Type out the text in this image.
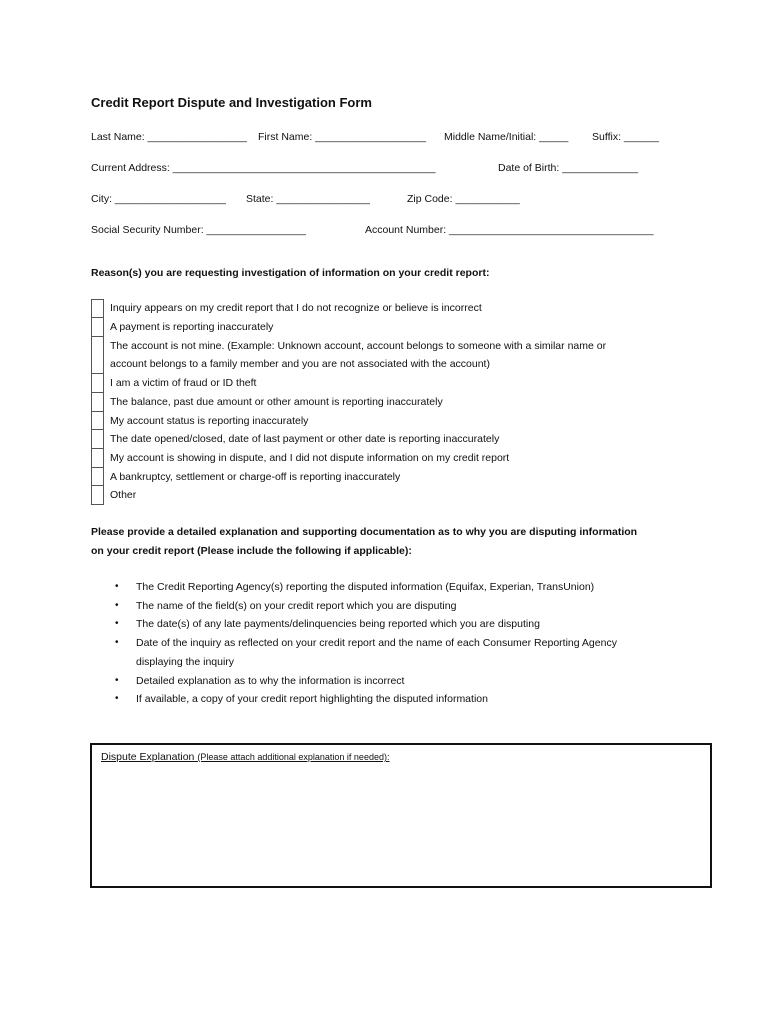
Credit Report Dispute and Investigation Form
Last Name: _________________ First Name: ___________________ Middle Name/Initial: _____ Suffix: ______
Current Address: _____________________________________________	Date of Birth: _____________
City: ___________________ State: ________________	Zip Code: ___________
Social Security Number: _________________	Account Number: ___________________________________
Reason(s) you are requesting investigation of information on your credit report:
Inquiry appears on my credit report that I do not recognize or believe is incorrect
A payment is reporting inaccurately
The account is not mine. (Example: Unknown account, account belongs to someone with a similar name or
account belongs to a family member and you are not associated with the account)
I am a victim of fraud or ID theft
The balance, past due amount or other amount is reporting inaccurately
My account status is reporting inaccurately
The date opened/closed, date of last payment or other date is reporting inaccurately
My account is showing in dispute, and I did not dispute information on my credit report
A bankruptcy, settlement or charge-off is reporting inaccurately
Other
Please provide a detailed explanation and supporting documentation as to why you are disputing information
on your credit report (Please include the following if applicable):
• The Credit Reporting Agency(s) reporting the disputed information (Equifax, Experian, TransUnion)
• The name of the field(s) on your credit report which you are disputing
• The date(s) of any late payments/delinquencies being reported which you are disputing
• Date of the inquiry as reflected on your credit report and the name of each Consumer Reporting Agency
displaying the inquiry
• Detailed explanation as to why the information is incorrect
• If available, a copy of your credit report highlighting the disputed information
Dispute Explanation (Please attach additional explanation if needed):
